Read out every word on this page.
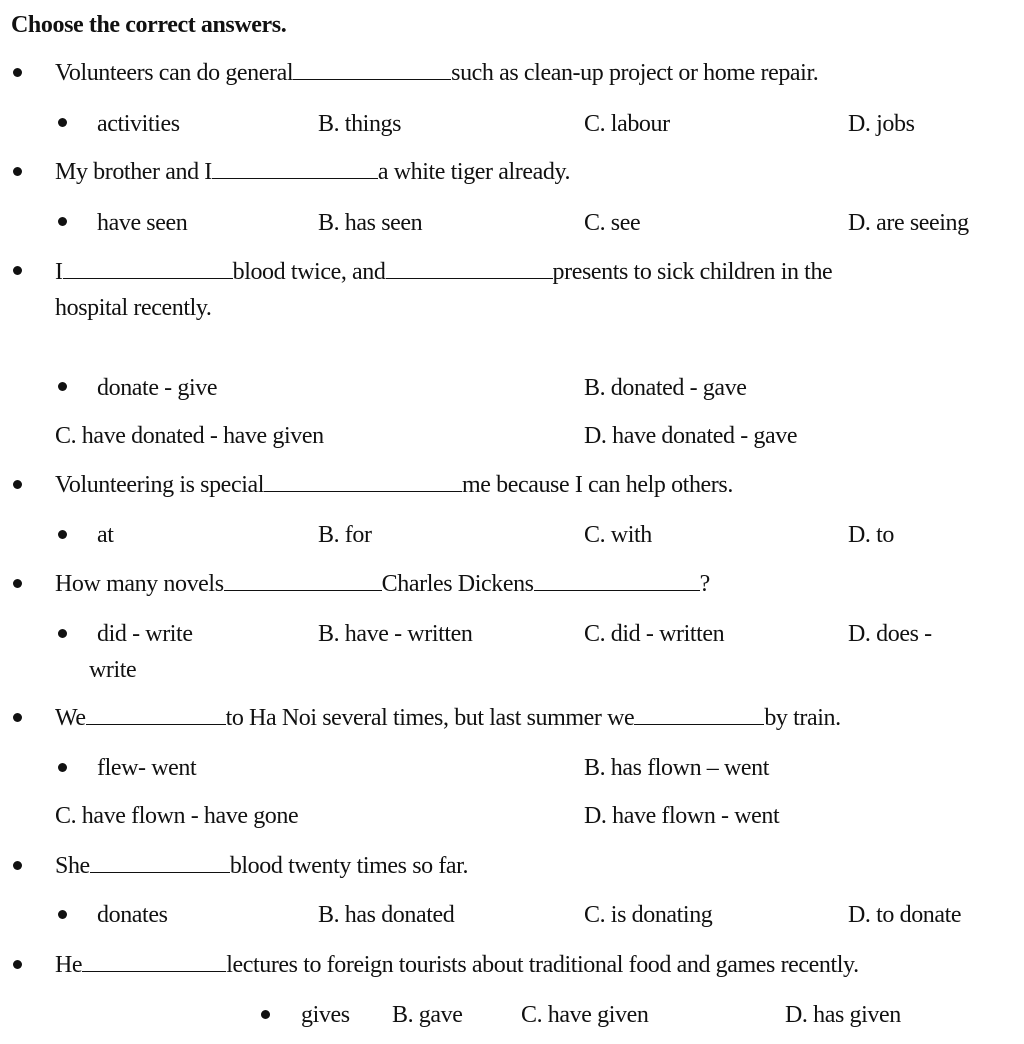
Choose the correct answers.
Volunteers can do general	such as clean-up project or home repair.
activities	B. things	C. labour	D. jobs
My brother and I	a white tiger already.
have seen	B. has seen	C. see	D. are seeing
I	blood twice, and	presents to sick children in the
hospital recently.
donate - give	B. donated - gave
C. have donated - have given	D. have donated - gave
Volunteering is special	me because I can help others.
at	B. for	C. with	D. to
How many novels	Charles Dickens	?
did - write	B. have - written	C. did - written	D. does -
write
We	to Ha Noi several times, but last summer we	by train.
flew- went	B. has flown – went
C. have flown - have gone	D. have flown - went
She	blood twenty times so far.
donates	B. has donated	C. is donating	D. to donate
He	lectures to foreign tourists about traditional food and games recently.
gives B. gave C. have given	D. has given
